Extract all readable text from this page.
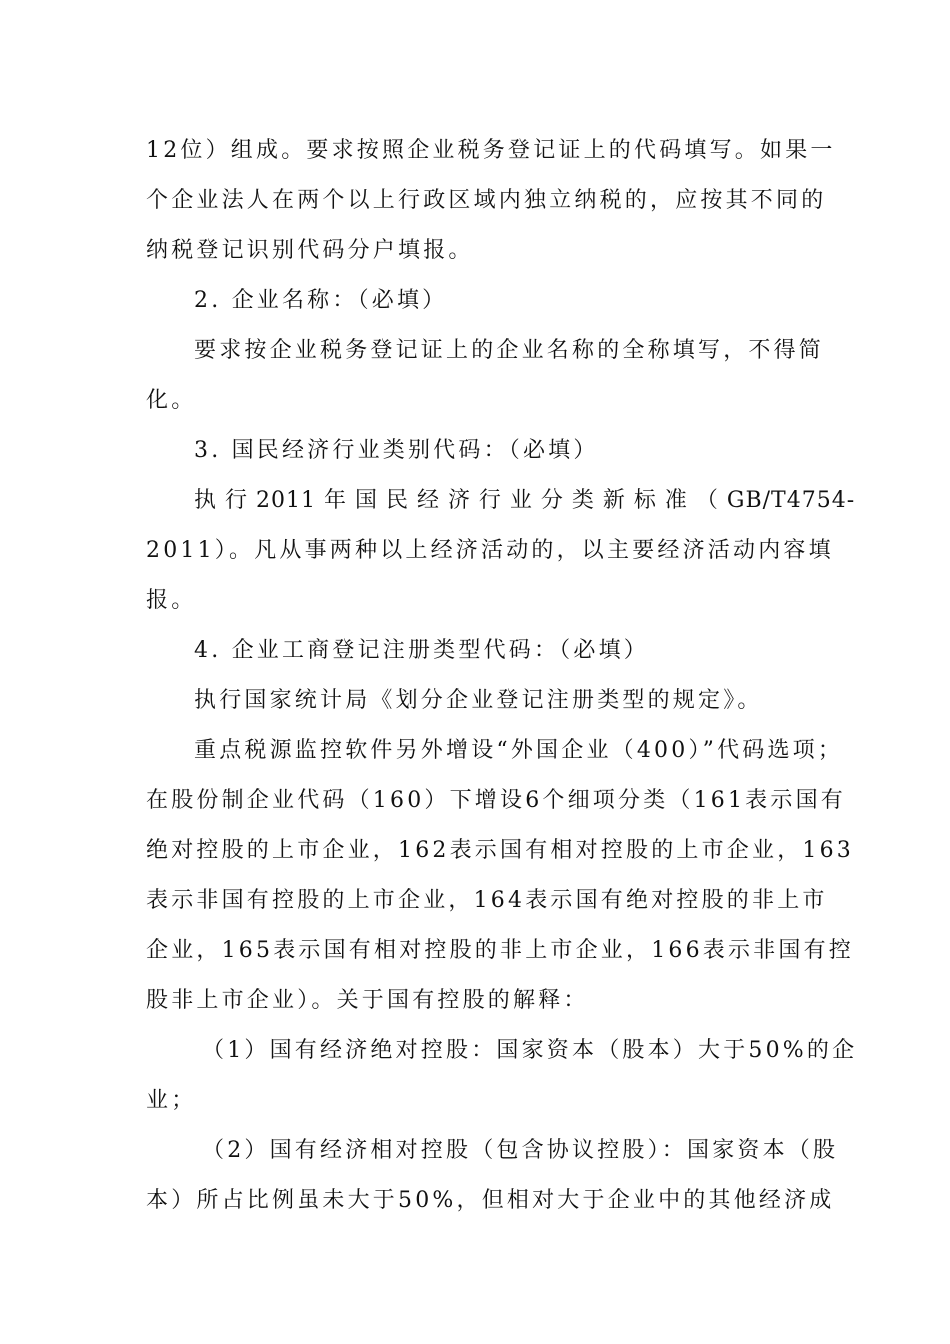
12位）组成。要求按照企业税务登记证上的代码填写。如果一
个企业法人在两个以上行政区域内独立纳税的，应按其不同的
纳税登记识别代码分户填报。
2. 企业名称：（必填）
要求按企业税务登记证上的企业名称的全称填写，不得简
化。
3. 国民经济行业类别代码：（必填）
执 行 2011 年 国 民 经 济 行 业 分 类 新 标 准 （ GB/T4754-
2011）。凡从事两种以上经济活动的，以主要经济活动内容填
报。
4. 企业工商登记注册类型代码：（必填）
执行国家统计局《划分企业登记注册类型的规定》。
重点税源监控软件另外增设“外国企业（400）”代码选项；
在股份制企业代码（160）下增设6个细项分类（161表示国有
绝对控股的上市企业，162表示国有相对控股的上市企业，163
表示非国有控股的上市企业，164表示国有绝对控股的非上市
企业，165表示国有相对控股的非上市企业，166表示非国有控
股非上市企业）。关于国有控股的解释：
（1）国有经济绝对控股：国家资本（股本）大于50%的企
业；
（2）国有经济相对控股（包含协议控股）：国家资本（股
本）所占比例虽未大于50%，但相对大于企业中的其他经济成
